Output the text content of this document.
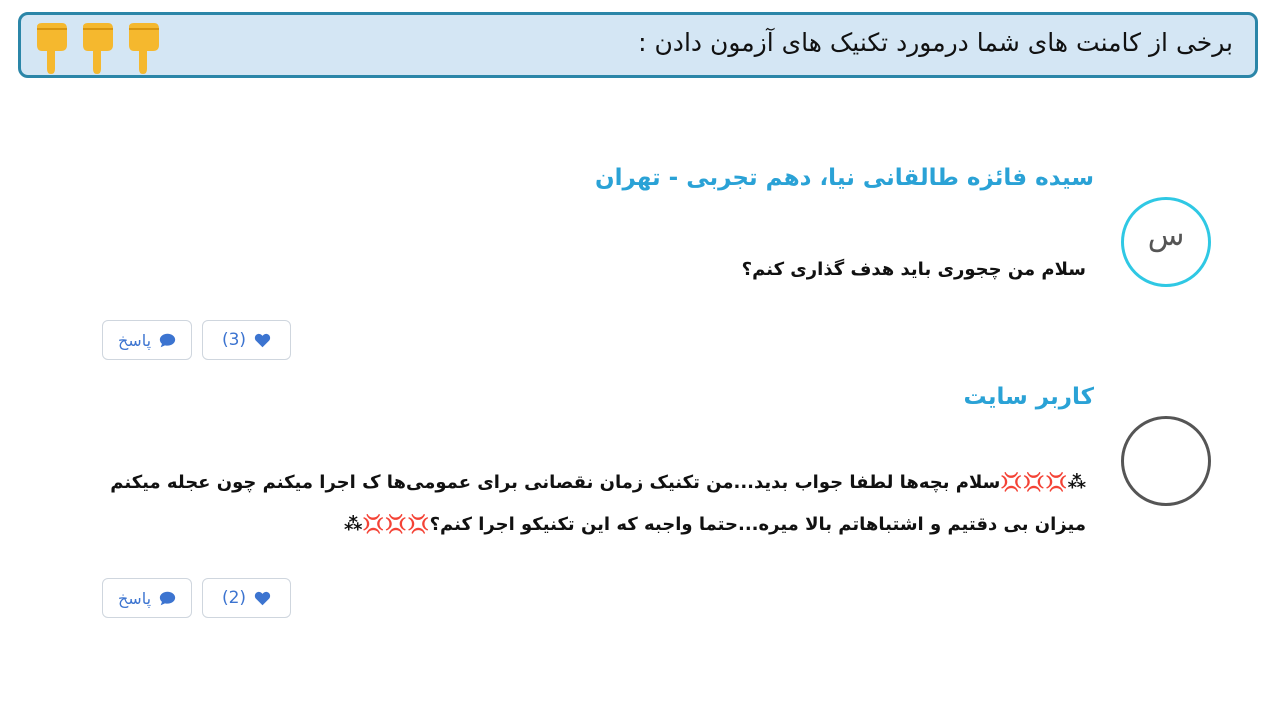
برخی از کامنت های شما درمورد تکنیک های آزمون دادن :
سیده فائزه طالقانی نیا، دهم تجربی - تهران
س
سلام من چجوری باید هدف گذاری کنم؟
پاسخ	(3)
کاربر سایت
⁂💢💢💢سلام بچه‌ها لطفا جواب بدید...من تکنیک زمان نقصانی برای عمومی‌ها ک اجرا میکنم چون عجله میکنم میزان بی دقتیم و اشتباهاتم بالا میره...حتما واجبه که این تکنیکو اجرا کنم؟💢💢💢⁂
پاسخ	(2)
